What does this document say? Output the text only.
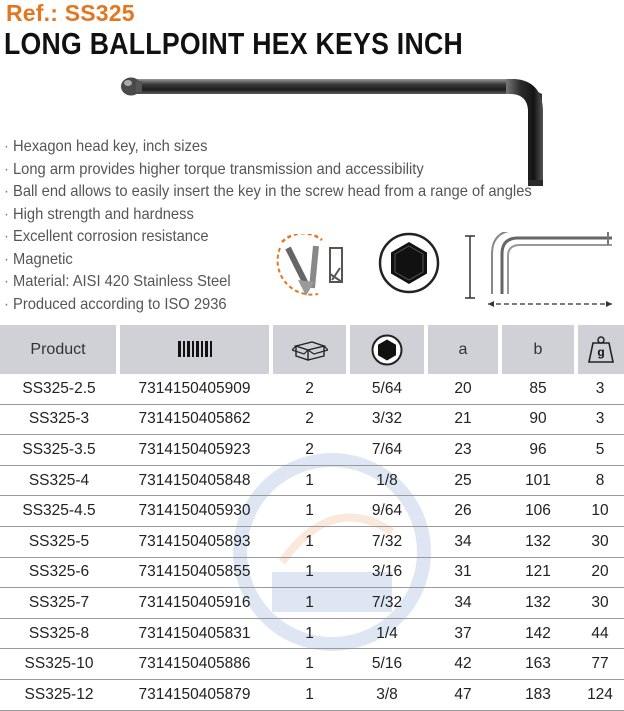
Ref.: SS325
LONG BALLPOINT HEX KEYS INCH
· Hexagon head key, inch sizes
· Long arm provides higher torque transmission and accessibility
· Ball end allows to easily insert the key in the screw head from a range of angles
· High strength and hardness
· Excellent corrosion resistance
· Magnetic
· Material: AISI 420 Stainless Steel
· Produced according to ISO 2936
Product				a	b	g

SS325-2.5	7314150405909	2	5/64	20	85	3
SS325-3	7314150405862	2	3/32	21	90	3
SS325-3.5	7314150405923	2	7/64	23	96	5
SS325-4	7314150405848	1	1/8	25	101	8
SS325-4.5	7314150405930	1	9/64	26	106	10
SS325-5	7314150405893	1	7/32	34	132	30
SS325-6	7314150405855	1	3/16	31	121	20
SS325-7	7314150405916	1	7/32	34	132	30
SS325-8	7314150405831	1	1/4	37	142	44
SS325-10	7314150405886	1	5/16	42	163	77
SS325-12	7314150405879	1	3/8	47	183	124
